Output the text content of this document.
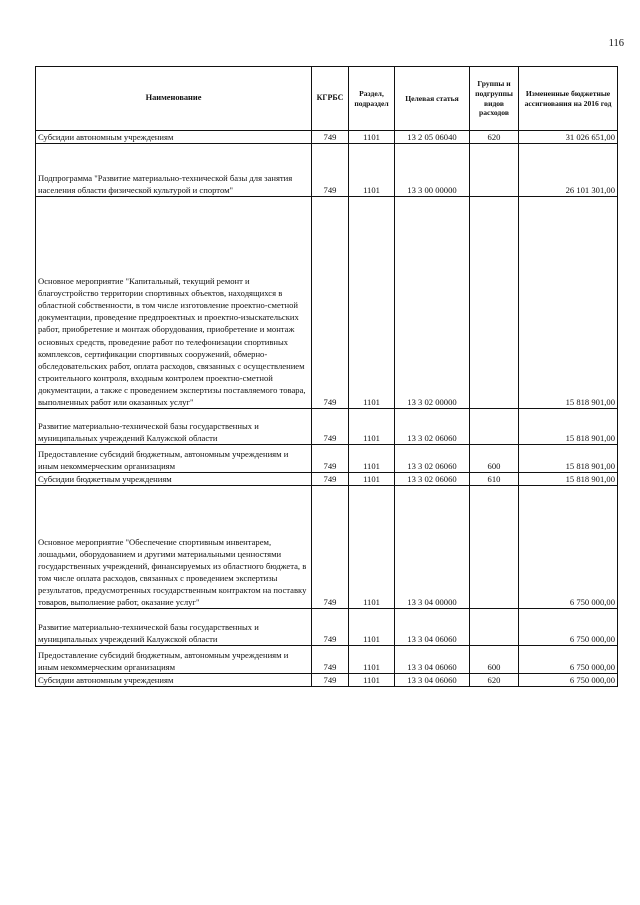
116
Наименование	КГРБС	Раздел, подраздел	Целевая статья	Группы и подгруппы видов расходов	Измененные бюджетные ассигнования на 2016 год
Субсидии автономным учреждениям	749	1101	13 2 05 06040	620	31 026 651,00
Подпрограмма "Развитие материально-технической базы для занятия населения области физической культурой и спортом"	749	1101	13 3 00 00000		26 101 301,00
Основное мероприятие "Капитальный, текущий ремонт и благоустройство территории спортивных объектов, находящихся в областной собственности, в том числе изготовление проектно-сметной документации, проведение предпроектных и проектно-изыскательских работ, приобретение и монтаж оборудования, приобретение и монтаж основных средств, проведение работ по телефонизации спортивных комплексов, сертификации спортивных сооружений, обмерно-обследовательских работ, оплата расходов, связанных с осуществлением строительного контроля, входным контролем проектно-сметной документации, а также с проведением экспертизы поставляемого товара, выполненных работ или оказанных услуг"	749	1101	13 3 02 00000		15 818 901,00
Развитие материально-технической базы государственных и муниципальных учреждений Калужской области	749	1101	13 3 02 06060		15 818 901,00
Предоставление субсидий бюджетным, автономным учреждениям и иным некоммерческим организациям	749	1101	13 3 02 06060	600	15 818 901,00
Субсидии бюджетным учреждениям	749	1101	13 3 02 06060	610	15 818 901,00
Основное мероприятие "Обеспечение спортивным инвентарем, лошадьми, оборудованием и другими материальными ценностями государственных учреждений, финансируемых из областного бюджета, в том числе оплата расходов, связанных с проведением экспертизы результатов, предусмотренных государственным контрактом на поставку товаров, выполнение работ, оказание услуг"	749	1101	13 3 04 00000		6 750 000,00
Развитие материально-технической базы государственных и муниципальных учреждений Калужской области	749	1101	13 3 04 06060		6 750 000,00
Предоставление субсидий бюджетным, автономным учреждениям и иным некоммерческим организациям	749	1101	13 3 04 06060	600	6 750 000,00
Субсидии автономным учреждениям	749	1101	13 3 04 06060	620	6 750 000,00
